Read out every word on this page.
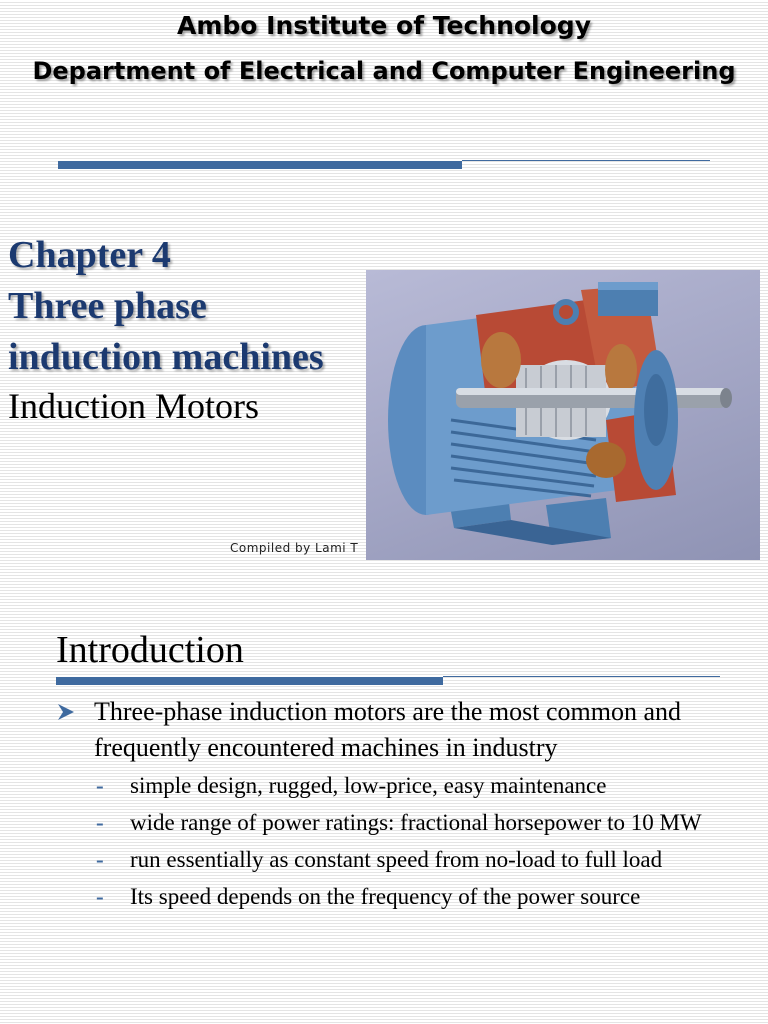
Ambo Institute of Technology
Department of Electrical and Computer Engineering
Chapter 4
Three phase
induction machines
Induction Motors
Compiled by Lami T
Introduction
Three-phase induction motors are the most common and frequently encountered machines in industry
- simple design, rugged, low-price, easy maintenance
- wide range of power ratings: fractional horsepower to 10 MW
- run essentially as constant speed from no-load to full load
- Its speed depends on the frequency of the power source
